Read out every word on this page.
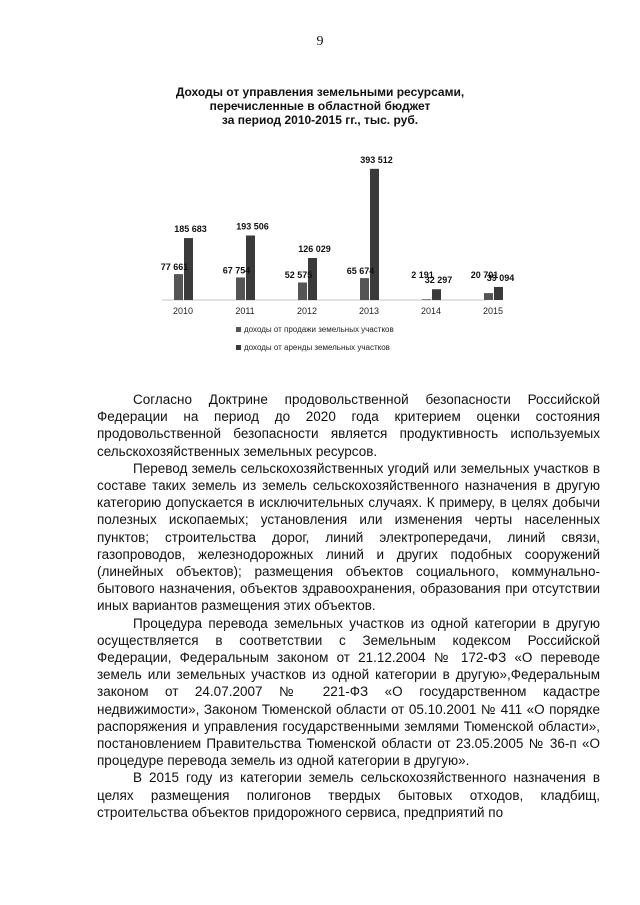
9
Доходы от управления земельными ресурсами,
перечисленные в областной бюджет
за период 2010-2015 гг., тыс. руб.
77 661
185 683
2010
67 754
193 506
2011
52 575
126 029
2012
65 674
393 512
2013
2 191
32 297
2014
20 701
39 094
2015
доходы от продажи земельных участков
доходы от аренды земельных участков

Согласно Доктрине продовольственной безопасности Российской Федерации на период до 2020 года критерием оценки состояния продовольственной безопасности является продуктивность используемых сельскохозяйственных земельных ресурсов.

Перевод земель сельскохозяйственных угодий или земельных участков в составе таких земель из земель сельскохозяйственного назначения в другую категорию допускается в исключительных случаях. К примеру, в целях добычи полезных ископаемых; установления или изменения черты населенных пунктов; строительства дорог, линий электропередачи, линий связи, газопроводов, железнодорожных линий и других подобных сооружений (линейных объектов); размещения объектов социального, коммунально-бытового назначения, объектов здравоохранения, образования при отсутствии иных вариантов размещения этих объектов.

Процедура перевода земельных участков из одной категории в другую осуществляется в соответствии с Земельным кодексом Российской Федерации, Федеральным законом от 21.12.2004 № 172-ФЗ «О переводе земель или земельных участков из одной категории в другую»,Федеральным законом от 24.07.2007 № 221-ФЗ «О государственном кадастре недвижимости», Законом Тюменской области от 05.10.2001 № 411 «О порядке распоряжения и управления государственными землями Тюменской области», постановлением Правительства Тюменской области от 23.05.2005 № 36-п «О процедуре перевода земель из одной категории в другую».

В 2015 году из категории земель сельскохозяйственного назначения в целях размещения полигонов твердых бытовых отходов, кладбищ, строительства объектов придорожного сервиса, предприятий по
